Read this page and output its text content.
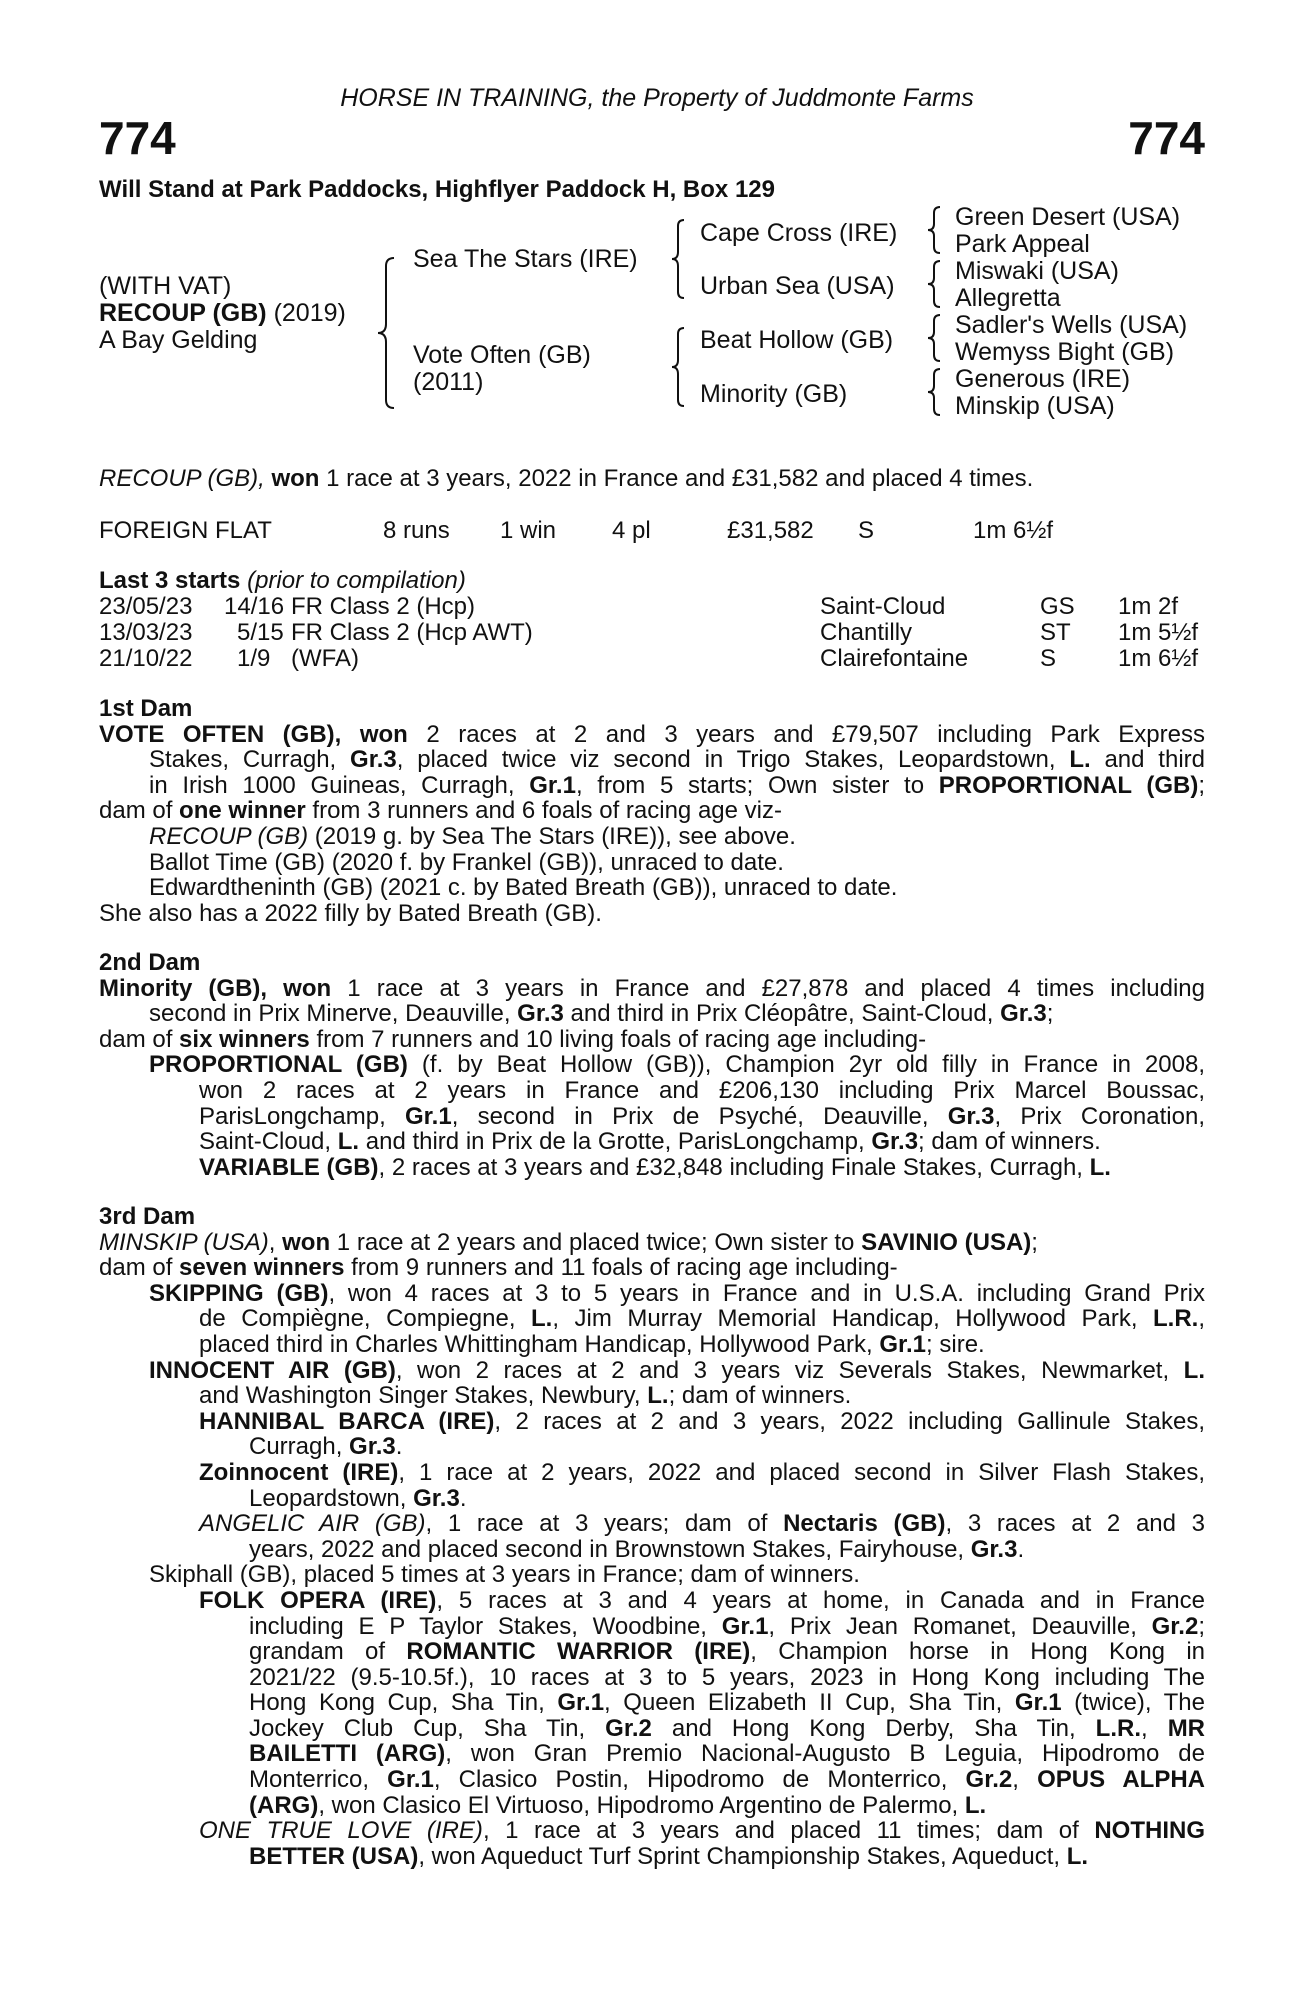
HORSE IN TRAINING, the Property of Juddmonte Farms
774	774
Will Stand at Park Paddocks, Highflyer Paddock H, Box 129
(WITH VAT)
RECOUP (GB) (2019)
A Bay Gelding
Sea The Stars (IRE)
Vote Often (GB)
(2011)
Cape Cross (IRE)
Urban Sea (USA)
Beat Hollow (GB)
Minority (GB)
Green Desert (USA)
Park Appeal
Miswaki (USA)
Allegretta
Sadler's Wells (USA)
Wemyss Bight (GB)
Generous (IRE)
Minskip (USA)
RECOUP (GB), won 1 race at 3 years, 2022 in France and £31,582 and placed 4 times.
FOREIGN FLAT	8 runs 1 win 4 pl	£31,582 S	1m 6½f
Last 3 starts (prior to compilation)
23/05/23 14/16 FR Class 2 (Hcp)	Saint-Cloud	GS 1m 2f
13/03/23 5/15 FR Class 2 (Hcp AWT)	Chantilly	ST 1m 5½f
21/10/22 1/9 (WFA)	Clairefontaine	S	1m 6½f
1st Dam
VOTE OFTEN (GB), won 2 races at 2 and 3 years and £79,507 including Park Express
Stakes, Curragh, Gr.3, placed twice viz second in Trigo Stakes, Leopardstown, L. and third
in Irish 1000 Guineas, Curragh, Gr.1, from 5 starts; Own sister to PROPORTIONAL (GB);
dam of one winner from 3 runners and 6 foals of racing age viz-
RECOUP (GB) (2019 g. by Sea The Stars (IRE)), see above.
Ballot Time (GB) (2020 f. by Frankel (GB)), unraced to date.
Edwardtheninth (GB) (2021 c. by Bated Breath (GB)), unraced to date.
She also has a 2022 filly by Bated Breath (GB).
2nd Dam
Minority (GB), won 1 race at 3 years in France and £27,878 and placed 4 times including
second in Prix Minerve, Deauville, Gr.3 and third in Prix Cléopâtre, Saint-Cloud, Gr.3;
dam of six winners from 7 runners and 10 living foals of racing age including-
PROPORTIONAL (GB) (f. by Beat Hollow (GB)), Champion 2yr old filly in France in 2008,
won 2 races at 2 years in France and £206,130 including Prix Marcel Boussac,
ParisLongchamp, Gr.1, second in Prix de Psyché, Deauville, Gr.3, Prix Coronation,
Saint-Cloud, L. and third in Prix de la Grotte, ParisLongchamp, Gr.3; dam of winners.
VARIABLE (GB), 2 races at 3 years and £32,848 including Finale Stakes, Curragh, L.
3rd Dam
MINSKIP (USA), won 1 race at 2 years and placed twice; Own sister to SAVINIO (USA);
dam of seven winners from 9 runners and 11 foals of racing age including-
SKIPPING (GB), won 4 races at 3 to 5 years in France and in U.S.A. including Grand Prix
de Compiègne, Compiegne, L., Jim Murray Memorial Handicap, Hollywood Park, L.R.,
placed third in Charles Whittingham Handicap, Hollywood Park, Gr.1; sire.
INNOCENT AIR (GB), won 2 races at 2 and 3 years viz Severals Stakes, Newmarket, L.
and Washington Singer Stakes, Newbury, L.; dam of winners.
HANNIBAL BARCA (IRE), 2 races at 2 and 3 years, 2022 including Gallinule Stakes,
Curragh, Gr.3.
Zoinnocent (IRE), 1 race at 2 years, 2022 and placed second in Silver Flash Stakes,
Leopardstown, Gr.3.
ANGELIC AIR (GB), 1 race at 3 years; dam of Nectaris (GB), 3 races at 2 and 3
years, 2022 and placed second in Brownstown Stakes, Fairyhouse, Gr.3.
Skiphall (GB), placed 5 times at 3 years in France; dam of winners.
FOLK OPERA (IRE), 5 races at 3 and 4 years at home, in Canada and in France
including E P Taylor Stakes, Woodbine, Gr.1, Prix Jean Romanet, Deauville, Gr.2;
grandam of ROMANTIC WARRIOR (IRE), Champion horse in Hong Kong in
2021/22 (9.5-10.5f.), 10 races at 3 to 5 years, 2023 in Hong Kong including The
Hong Kong Cup, Sha Tin, Gr.1, Queen Elizabeth II Cup, Sha Tin, Gr.1 (twice), The
Jockey Club Cup, Sha Tin, Gr.2 and Hong Kong Derby, Sha Tin, L.R., MR
BAILETTI (ARG), won Gran Premio Nacional-Augusto B Leguia, Hipodromo de
Monterrico, Gr.1, Clasico Postin, Hipodromo de Monterrico, Gr.2, OPUS ALPHA
(ARG), won Clasico El Virtuoso, Hipodromo Argentino de Palermo, L.
ONE TRUE LOVE (IRE), 1 race at 3 years and placed 11 times; dam of NOTHING
BETTER (USA), won Aqueduct Turf Sprint Championship Stakes, Aqueduct, L.
